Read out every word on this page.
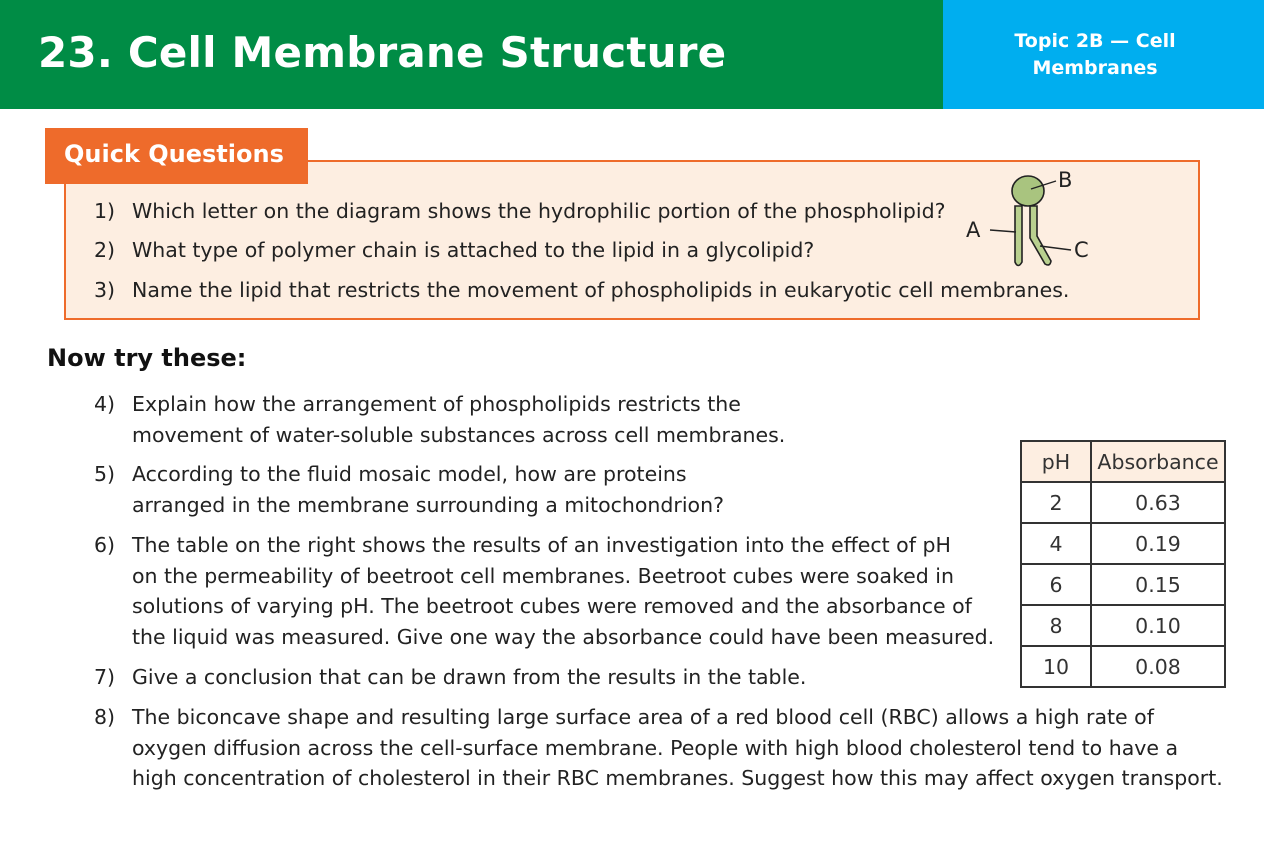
23. Cell Membrane Structure	Topic 2B — Cell
Membranes
Quick Questions
1) Which letter on the diagram shows the hydrophilic portion of the phospholipid?
2) What type of polymer chain is attached to the lipid in a glycolipid?
3) Name the lipid that restricts the movement of phospholipids in eukaryotic cell membranes.
B
A
C
Now try these:
4) Explain how the arrangement of phospholipids restricts the
movement of water-soluble substances across cell membranes.
5) According to the fluid mosaic model, how are proteins
arranged in the membrane surrounding a mitochondrion?
6) The table on the right shows the results of an investigation into the effect of pH
on the permeability of beetroot cell membranes. Beetroot cubes were soaked in
solutions of varying pH. The beetroot cubes were removed and the absorbance of
the liquid was measured. Give one way the absorbance could have been measured.
7) Give a conclusion that can be drawn from the results in the table.
8) The biconcave shape and resulting large surface area of a red blood cell (RBC) allows a high rate of
oxygen diffusion across the cell-surface membrane. People with high blood cholesterol tend to have a
high concentration of cholesterol in their RBC membranes. Suggest how this may affect oxygen transport.
pH	Absorbance
2	0.63
4	0.19
6	0.15
8	0.10
10	0.08
